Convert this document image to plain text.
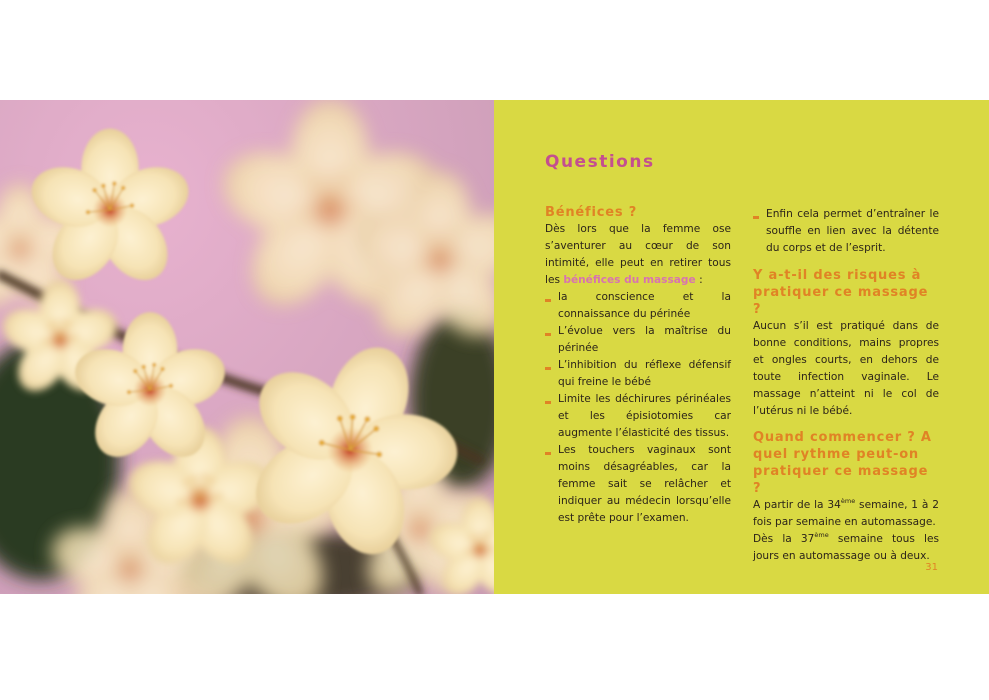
Questions
Bénéfices ?

Dès lors que la femme ose s’aventurer au cœur de son intimité, elle peut en retirer tous les bénéfices du massage :

la conscience et la connaissance du périnée
L’évolue vers la maîtrise du périnée
L’inhibition du réflexe défensif qui freine le bébé
Limite les déchirures périnéales et les épisiotomies car augmente l’élasticité des tissus.
Les touchers vaginaux sont moins désagréables, car la femme sait se relâcher et indiquer au médecin lorsqu’elle est prête pour l’examen.
Enfin cela permet d’entraîner le souffle en lien avec la détente du corps et de l’esprit.
Y a-t-il des risques à pratiquer ce massage ?

Aucun s’il est pratiqué dans de bonne conditions, mains propres et ongles courts, en dehors de toute infection vaginale. Le massage n’atteint ni le col de l’utérus ni le bébé.

Quand commencer ? A quel rythme peut-on pratiquer ce massage ?

A partir de la 34ème semaine, 1 à 2 fois par semaine en automassage.

Dès la 37ème semaine tous les jours en automassage ou à deux.

31
